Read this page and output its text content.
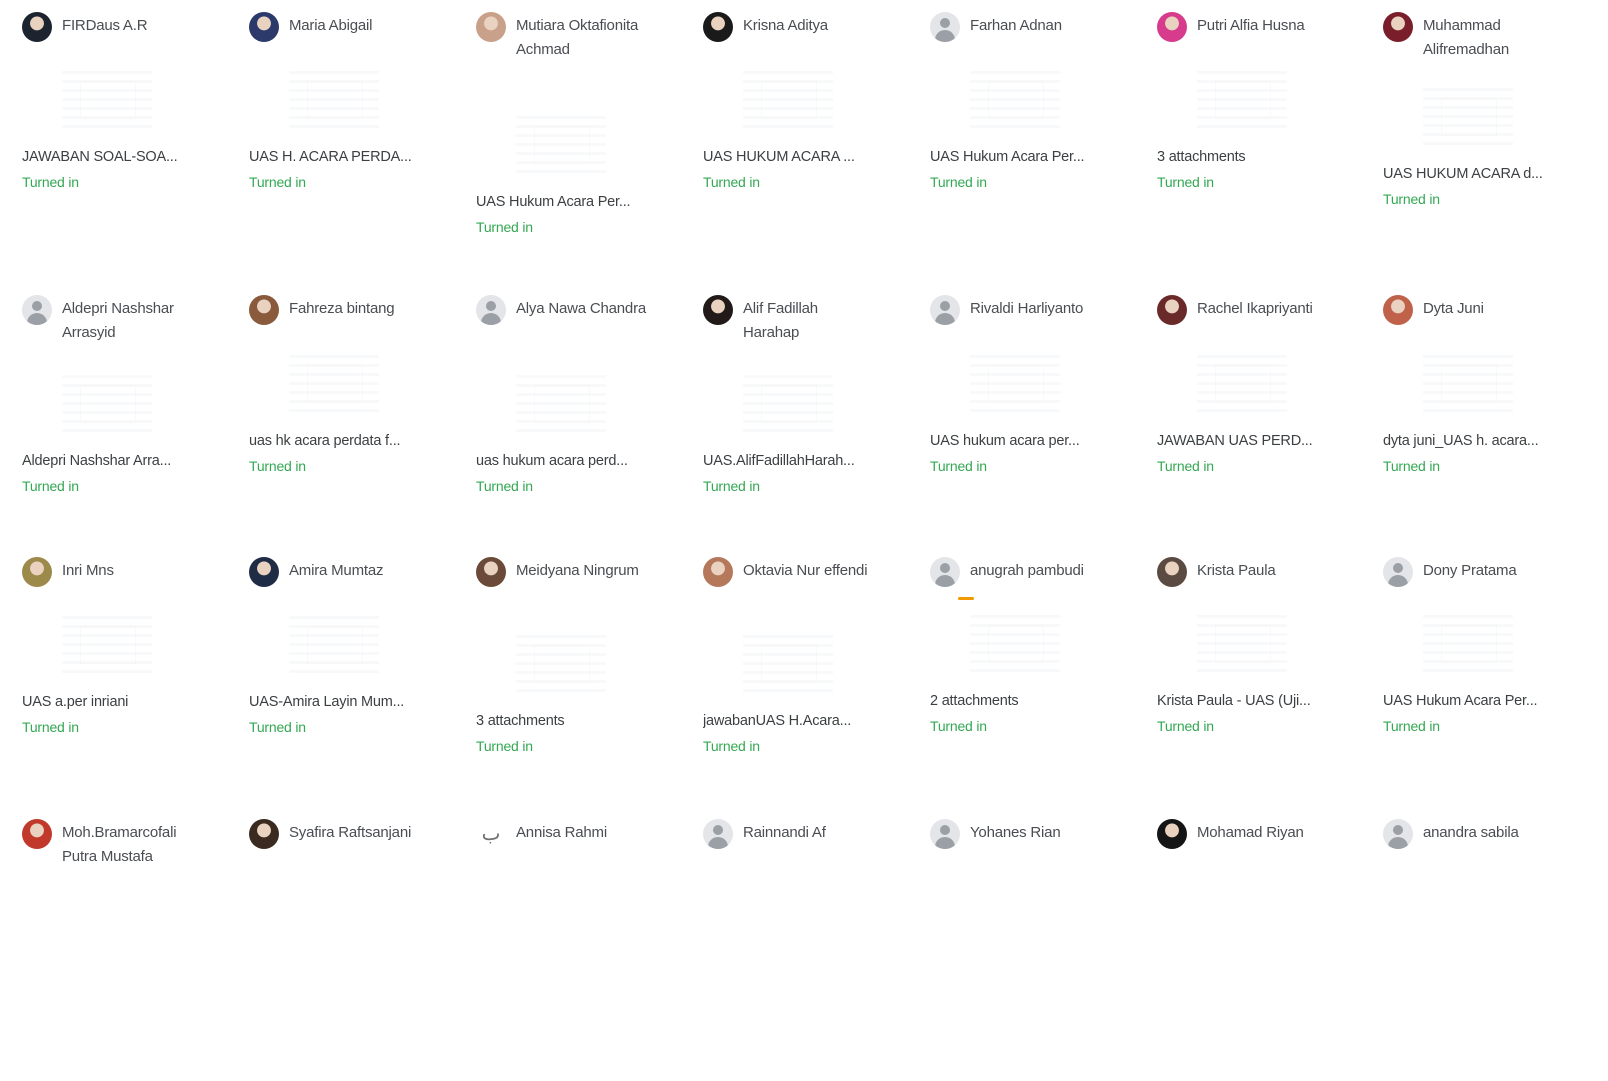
FIRDaus A.R
JAWABAN SOAL-SOA...
Turned in
Maria Abigail
UAS H. ACARA PERDA...
Turned in
Mutiara Oktafionita Achmad
UAS Hukum Acara Per...
Turned in
Krisna Aditya
UAS HUKUM ACARA ...
Turned in
Farhan Adnan
UAS Hukum Acara Per...
Turned in
Putri Alfia Husna
3 attachments
Turned in
Muhammad Alifremadhan
UAS HUKUM ACARA d...
Turned in
Aldepri Nashshar Arrasyid
Aldepri Nashshar Arra...
Turned in
Fahreza bintang
uas hk acara perdata f...
Turned in
Alya Nawa Chandra
uas hukum acara perd...
Turned in
Alif Fadillah Harahap
UAS.AlifFadillahHarah...
Turned in
Rivaldi Harliyanto
UAS hukum acara per...
Turned in
Rachel Ikapriyanti
JAWABAN UAS PERD...
Turned in
Dyta Juni
dyta juni_UAS h. acara...
Turned in
Inri Mns
UAS a.per inriani
Turned in
Amira Mumtaz
UAS-Amira Layin Mum...
Turned in
Meidyana Ningrum
3 attachments
Turned in
Oktavia Nur effendi
jawabanUAS H.Acara...
Turned in
anugrah pambudi
2 attachments
Turned in
Krista Paula
Krista Paula - UAS (Uji...
Turned in
Dony Pratama
UAS Hukum Acara Per...
Turned in
Moh.Bramarcofali Putra Mustafa
Syafira Raftsanjani	ب	Annisa Rahmi	Rainnandi Af	Yohanes Rian	Mohamad Riyan	anandra sabila
